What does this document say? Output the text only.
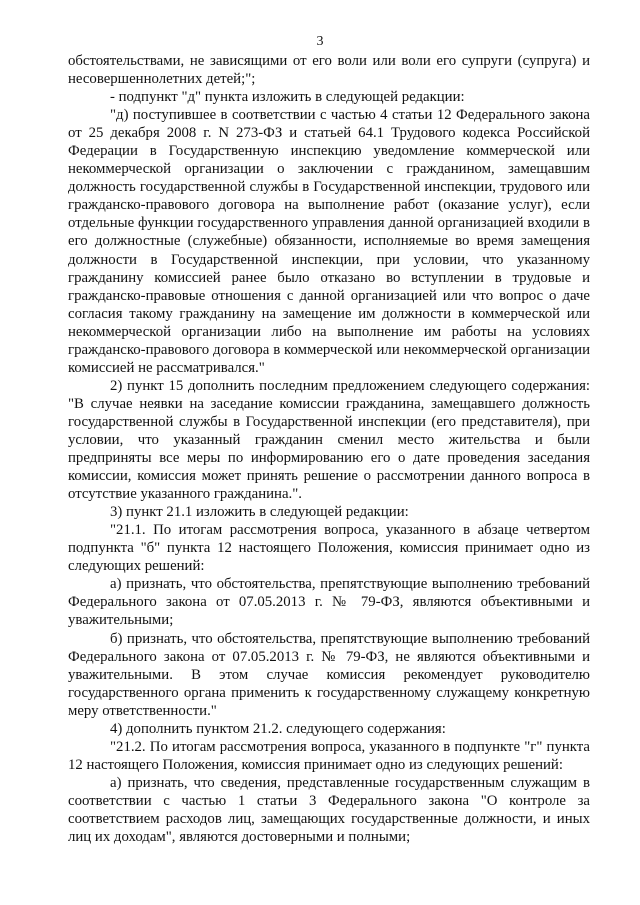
3

обстоятельствами, не зависящими от его воли или воли его супруги (супруга) и несовершеннолетних детей;";

- подпункт "д" пункта изложить в следующей редакции:

"д) поступившее в соответствии с частью 4 статьи 12 Федерального закона от 25 декабря 2008 г. N 273-ФЗ и статьей 64.1 Трудового кодекса Российской Федерации в Государственную инспекцию уведомление коммерческой или некоммерческой организации о заключении с гражданином, замещавшим должность государственной службы в Государственной инспекции, трудового или гражданско-правового договора на выполнение работ (оказание услуг), если отдельные функции государственного управления данной организацией входили в его должностные (служебные) обязанности, исполняемые во время замещения должности в Государственной инспекции, при условии, что указанному гражданину комиссией ранее было отказано во вступлении в трудовые и гражданско-правовые отношения с данной организацией или что вопрос о даче согласия такому гражданину на замещение им должности в коммерческой или некоммерческой организации либо на выполнение им работы на условиях гражданско-правового договора в коммерческой или некоммерческой организации комиссией не рассматривался."

2) пункт 15 дополнить последним предложением следующего содержания: "В случае неявки на заседание комиссии гражданина, замещавшего должность государственной службы в Государственной инспекции (его представителя), при условии, что указанный гражданин сменил место жительства и были предприняты все меры по информированию его о дате проведения заседания комиссии, комиссия может принять решение о рассмотрении данного вопроса в отсутствие указанного гражданина.".

3) пункт 21.1 изложить в следующей редакции:

"21.1. По итогам рассмотрения вопроса, указанного в абзаце четвертом подпункта "б" пункта 12 настоящего Положения, комиссия принимает одно из следующих решений:

а) признать, что обстоятельства, препятствующие выполнению требований Федерального закона от 07.05.2013 г. № 79-ФЗ, являются объективными и уважительными;

б) признать, что обстоятельства, препятствующие выполнению требований Федерального закона от 07.05.2013 г. № 79-ФЗ, не являются объективными и уважительными. В этом случае комиссия рекомендует руководителю государственного органа применить к государственному служащему конкретную меру ответственности."

4) дополнить пунктом 21.2. следующего содержания:

"21.2. По итогам рассмотрения вопроса, указанного в подпункте "г" пункта 12 настоящего Положения, комиссия принимает одно из следующих решений:

а) признать, что сведения, представленные государственным служащим в соответствии с частью 1 статьи 3 Федерального закона "О контроле за соответствием расходов лиц, замещающих государственные должности, и иных лиц их доходам", являются достоверными и полными;
